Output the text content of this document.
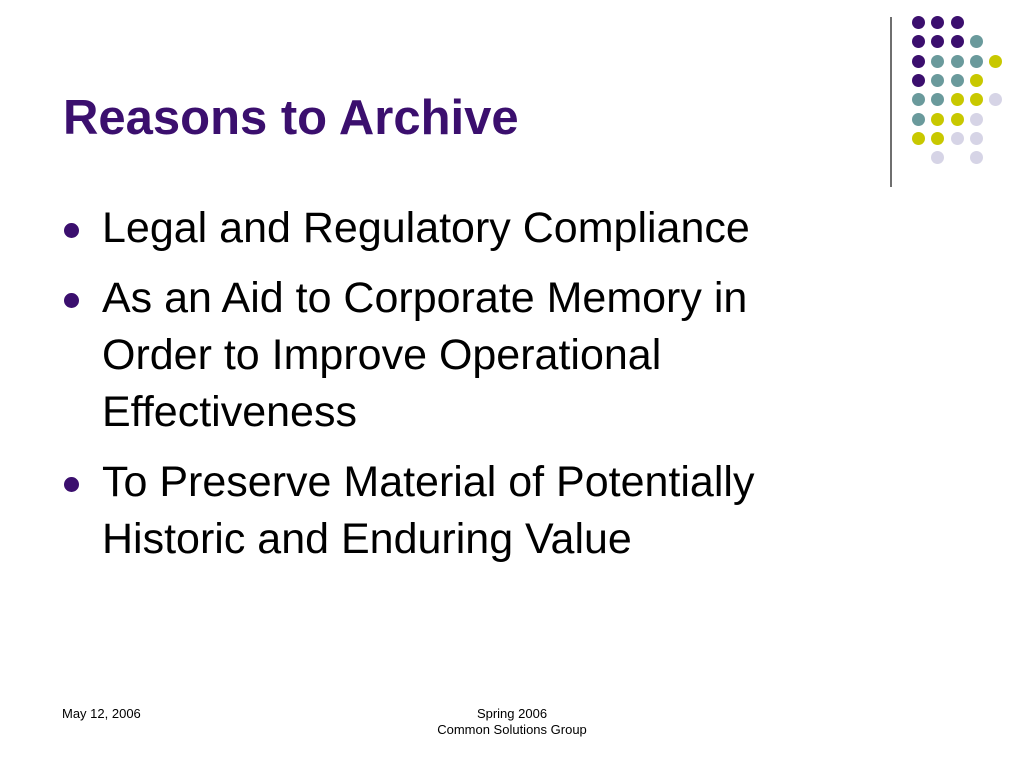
Reasons to Archive
Legal and Regulatory Compliance
As an Aid to Corporate Memory in Order to Improve Operational Effectiveness
To Preserve Material of Potentially Historic and Enduring Value
May 12, 2006	Spring 2006
Common Solutions Group
